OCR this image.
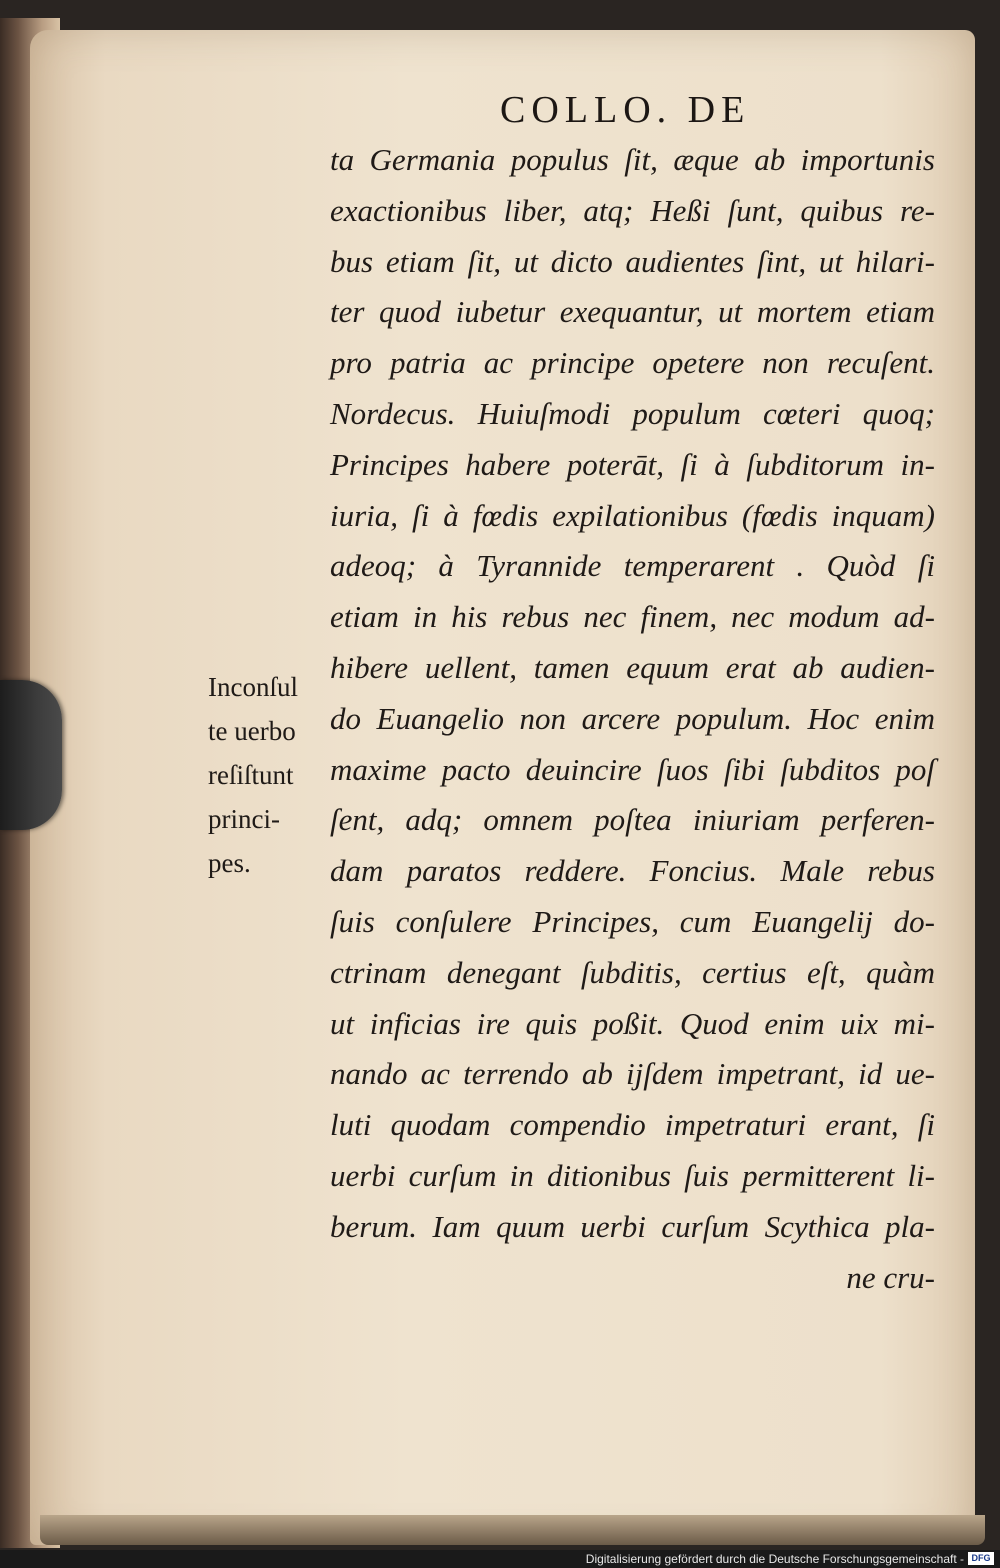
COLLO. DE
Inconſul
te uerbo
reſiſtunt
princi-
pes.
ta Germania populus ſit, æque ab importunis
exactionibus liber, atq; Heßi ſunt, quibus re-
bus etiam ſit, ut dicto audientes ſint, ut hilari-
ter quod iubetur exequantur, ut mortem etiam
pro patria ac principe opetere non recuſent.
Nordecus. Huiuſmodi populum cœteri quoq;
Principes habere poterāt, ſi à ſubditorum in-
iuria, ſi à fœdis expilationibus (fœdis inquam)
adeoq; à Tyrannide temperarent . Quòd ſi
etiam in his rebus nec finem, nec modum ad-
hibere uellent, tamen equum erat ab audien-
do Euangelio non arcere populum. Hoc enim
maxime pacto deuincire ſuos ſibi ſubditos poſ
ſent, adq; omnem poſtea iniuriam perferen-
dam paratos reddere. Foncius. Male rebus
ſuis conſulere Principes, cum Euangelij do-
ctrinam denegant ſubditis, certius eſt, quàm
ut inficias ire quis poßit. Quod enim uix mi-
nando ac terrendo ab ijſdem impetrant, id ue-
luti quodam compendio impetraturi erant, ſi
uerbi curſum in ditionibus ſuis permitterent li-
berum. Iam quum uerbi curſum Scythica pla-
ne cru-
Digitalisierung gefördert durch die Deutsche Forschungsgemeinschaft - DFG
